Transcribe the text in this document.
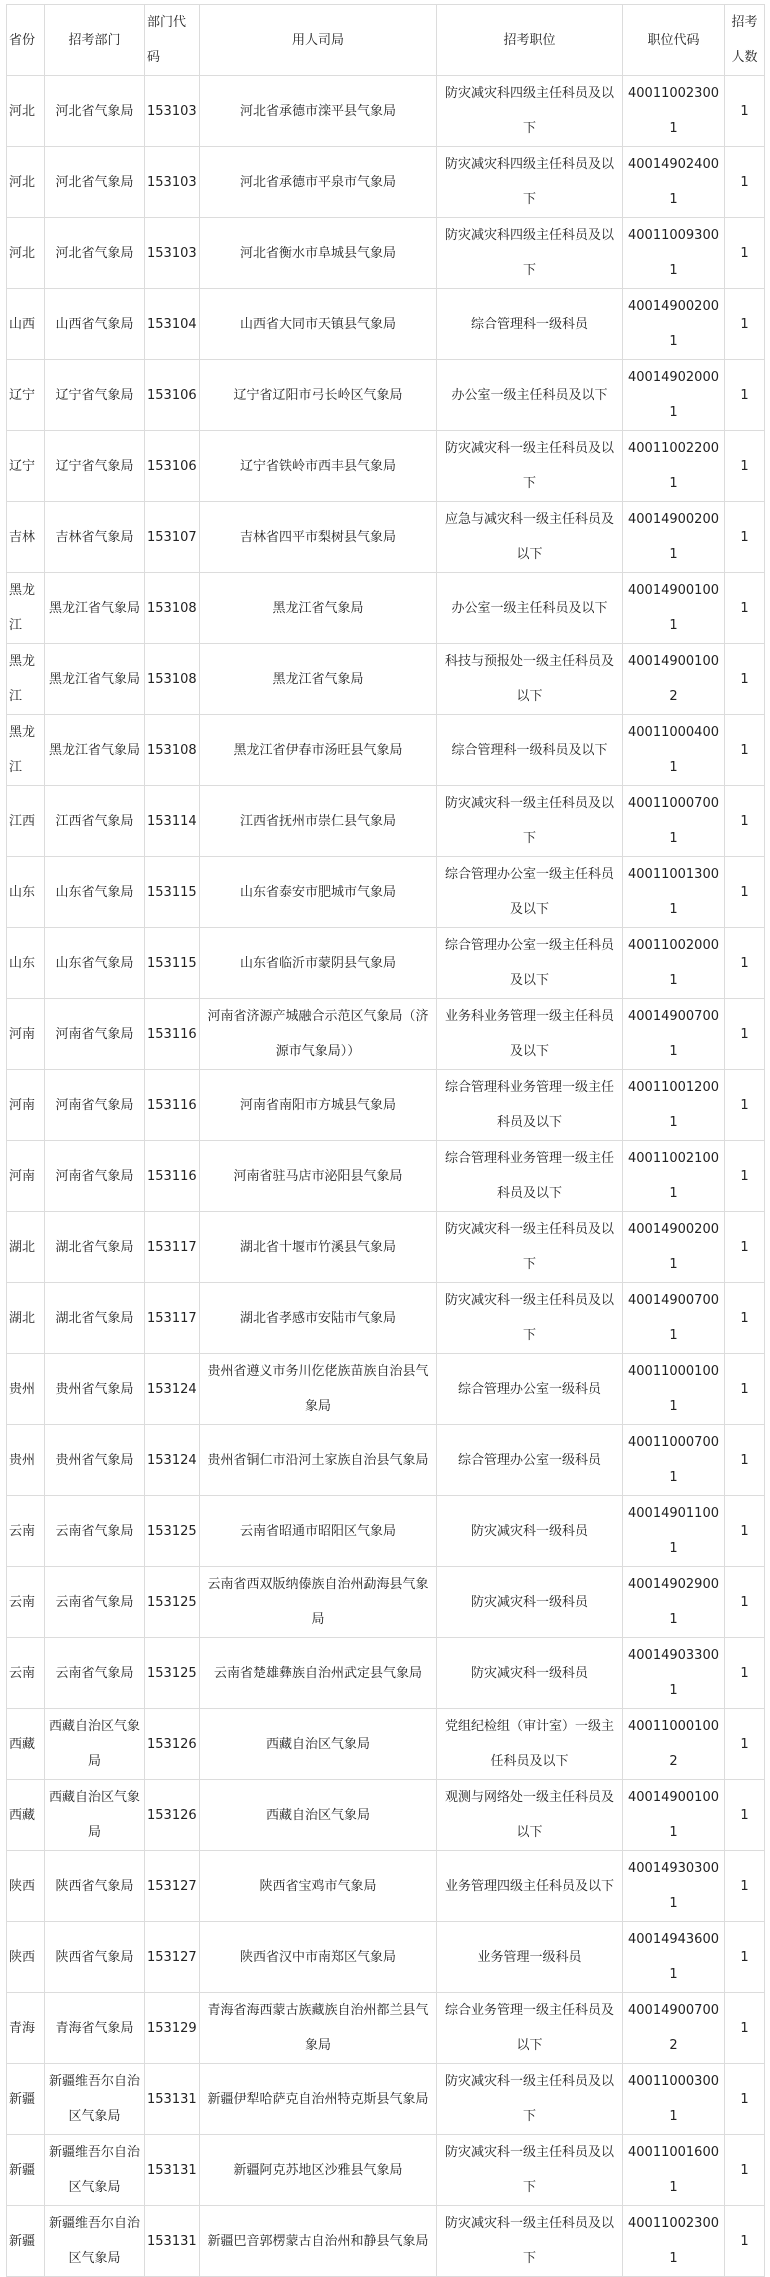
省份	招考部门	部门代码	用人司局	招考职位	职位代码	招考人数
河北	河北省气象局	153103	河北省承德市滦平县气象局	防灾减灾科四级主任科员及以下	400110023001	1
河北	河北省气象局	153103	河北省承德市平泉市气象局	防灾减灾科四级主任科员及以下	400149024001	1
河北	河北省气象局	153103	河北省衡水市阜城县气象局	防灾减灾科四级主任科员及以下	400110093001	1
山西	山西省气象局	153104	山西省大同市天镇县气象局	综合管理科一级科员	400149002001	1
辽宁	辽宁省气象局	153106	辽宁省辽阳市弓长岭区气象局	办公室一级主任科员及以下	400149020001	1
辽宁	辽宁省气象局	153106	辽宁省铁岭市西丰县气象局	防灾减灾科一级主任科员及以下	400110022001	1
吉林	吉林省气象局	153107	吉林省四平市梨树县气象局	应急与减灾科一级主任科员及以下	400149002001	1
黑龙江	黑龙江省气象局	153108	黑龙江省气象局	办公室一级主任科员及以下	400149001001	1
黑龙江	黑龙江省气象局	153108	黑龙江省气象局	科技与预报处一级主任科员及以下	400149001002	1
黑龙江	黑龙江省气象局	153108	黑龙江省伊春市汤旺县气象局	综合管理科一级科员及以下	400110004001	1
江西	江西省气象局	153114	江西省抚州市崇仁县气象局	防灾减灾科一级主任科员及以下	400110007001	1
山东	山东省气象局	153115	山东省泰安市肥城市气象局	综合管理办公室一级主任科员及以下	400110013001	1
山东	山东省气象局	153115	山东省临沂市蒙阴县气象局	综合管理办公室一级主任科员及以下	400110020001	1
河南	河南省气象局	153116	河南省济源产城融合示范区气象局（济源市气象局））	业务科业务管理一级主任科员及以下	400149007001	1
河南	河南省气象局	153116	河南省南阳市方城县气象局	综合管理科业务管理一级主任科员及以下	400110012001	1
河南	河南省气象局	153116	河南省驻马店市泌阳县气象局	综合管理科业务管理一级主任科员及以下	400110021001	1
湖北	湖北省气象局	153117	湖北省十堰市竹溪县气象局	防灾减灾科一级主任科员及以下	400149002001	1
湖北	湖北省气象局	153117	湖北省孝感市安陆市气象局	防灾减灾科一级主任科员及以下	400149007001	1
贵州	贵州省气象局	153124	贵州省遵义市务川仡佬族苗族自治县气象局	综合管理办公室一级科员	400110001001	1
贵州	贵州省气象局	153124	贵州省铜仁市沿河土家族自治县气象局	综合管理办公室一级科员	400110007001	1
云南	云南省气象局	153125	云南省昭通市昭阳区气象局	防灾减灾科一级科员	400149011001	1
云南	云南省气象局	153125	云南省西双版纳傣族自治州勐海县气象局	防灾减灾科一级科员	400149029001	1
云南	云南省气象局	153125	云南省楚雄彝族自治州武定县气象局	防灾减灾科一级科员	400149033001	1
西藏	西藏自治区气象局	153126	西藏自治区气象局	党组纪检组（审计室）一级主任科员及以下	400110001002	1
西藏	西藏自治区气象局	153126	西藏自治区气象局	观测与网络处一级主任科员及以下	400149001001	1
陕西	陕西省气象局	153127	陕西省宝鸡市气象局	业务管理四级主任科员及以下	400149303001	1
陕西	陕西省气象局	153127	陕西省汉中市南郑区气象局	业务管理一级科员	400149436001	1
青海	青海省气象局	153129	青海省海西蒙古族藏族自治州都兰县气象局	综合业务管理一级主任科员及以下	400149007002	1
新疆	新疆维吾尔自治区气象局	153131	新疆伊犁哈萨克自治州特克斯县气象局	防灾减灾科一级主任科员及以下	400110003001	1
新疆	新疆维吾尔自治区气象局	153131	新疆阿克苏地区沙雅县气象局	防灾减灾科一级主任科员及以下	400110016001	1
新疆	新疆维吾尔自治区气象局	153131	新疆巴音郭楞蒙古自治州和静县气象局	防灾减灾科一级主任科员及以下	400110023001	1
